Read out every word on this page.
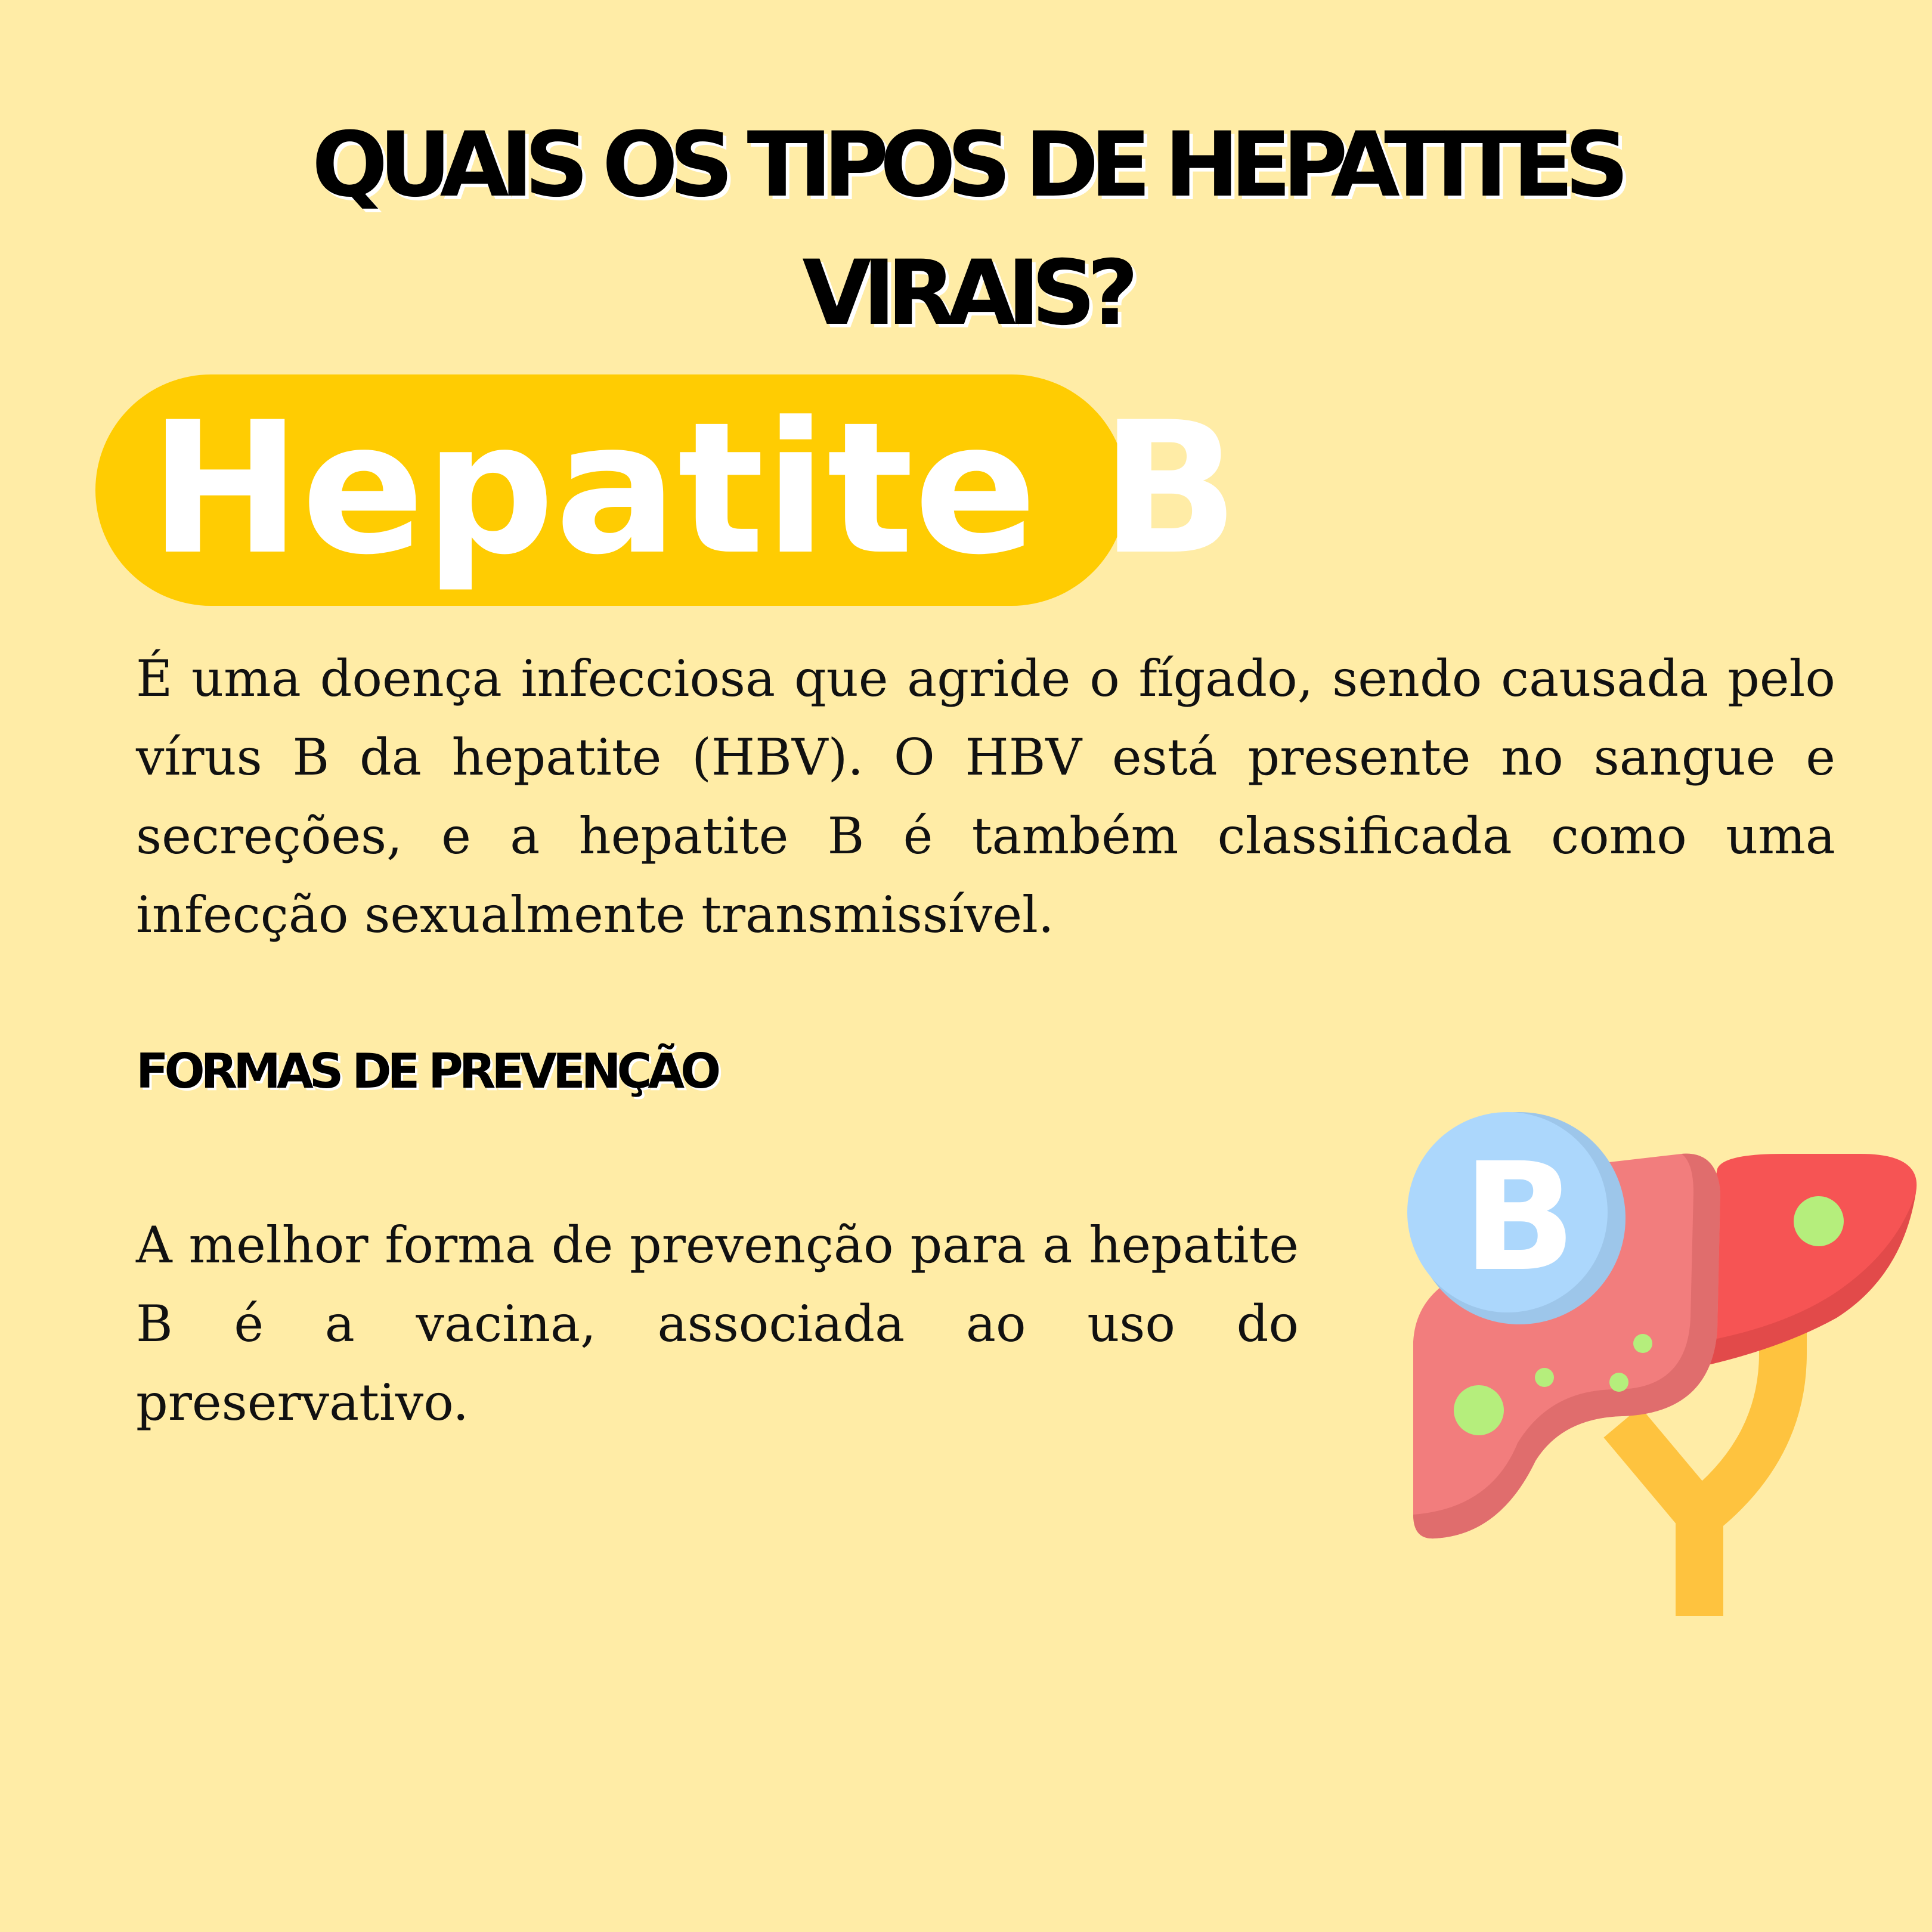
QUAIS OS TIPOS DE HEPATITES
VIRAIS?
Hepatite B

É uma doença infecciosa que agride o fígado, sendo causada pelo vírus B da hepatite (HBV). O HBV está presente no sangue e secreções, e a hepatite B é também classificada como uma infecção sexualmente transmissível.

FORMAS DE PREVENÇÃO

A melhor forma de prevenção para a hepatite B é a vacina, associada ao uso do preservativo.

B
